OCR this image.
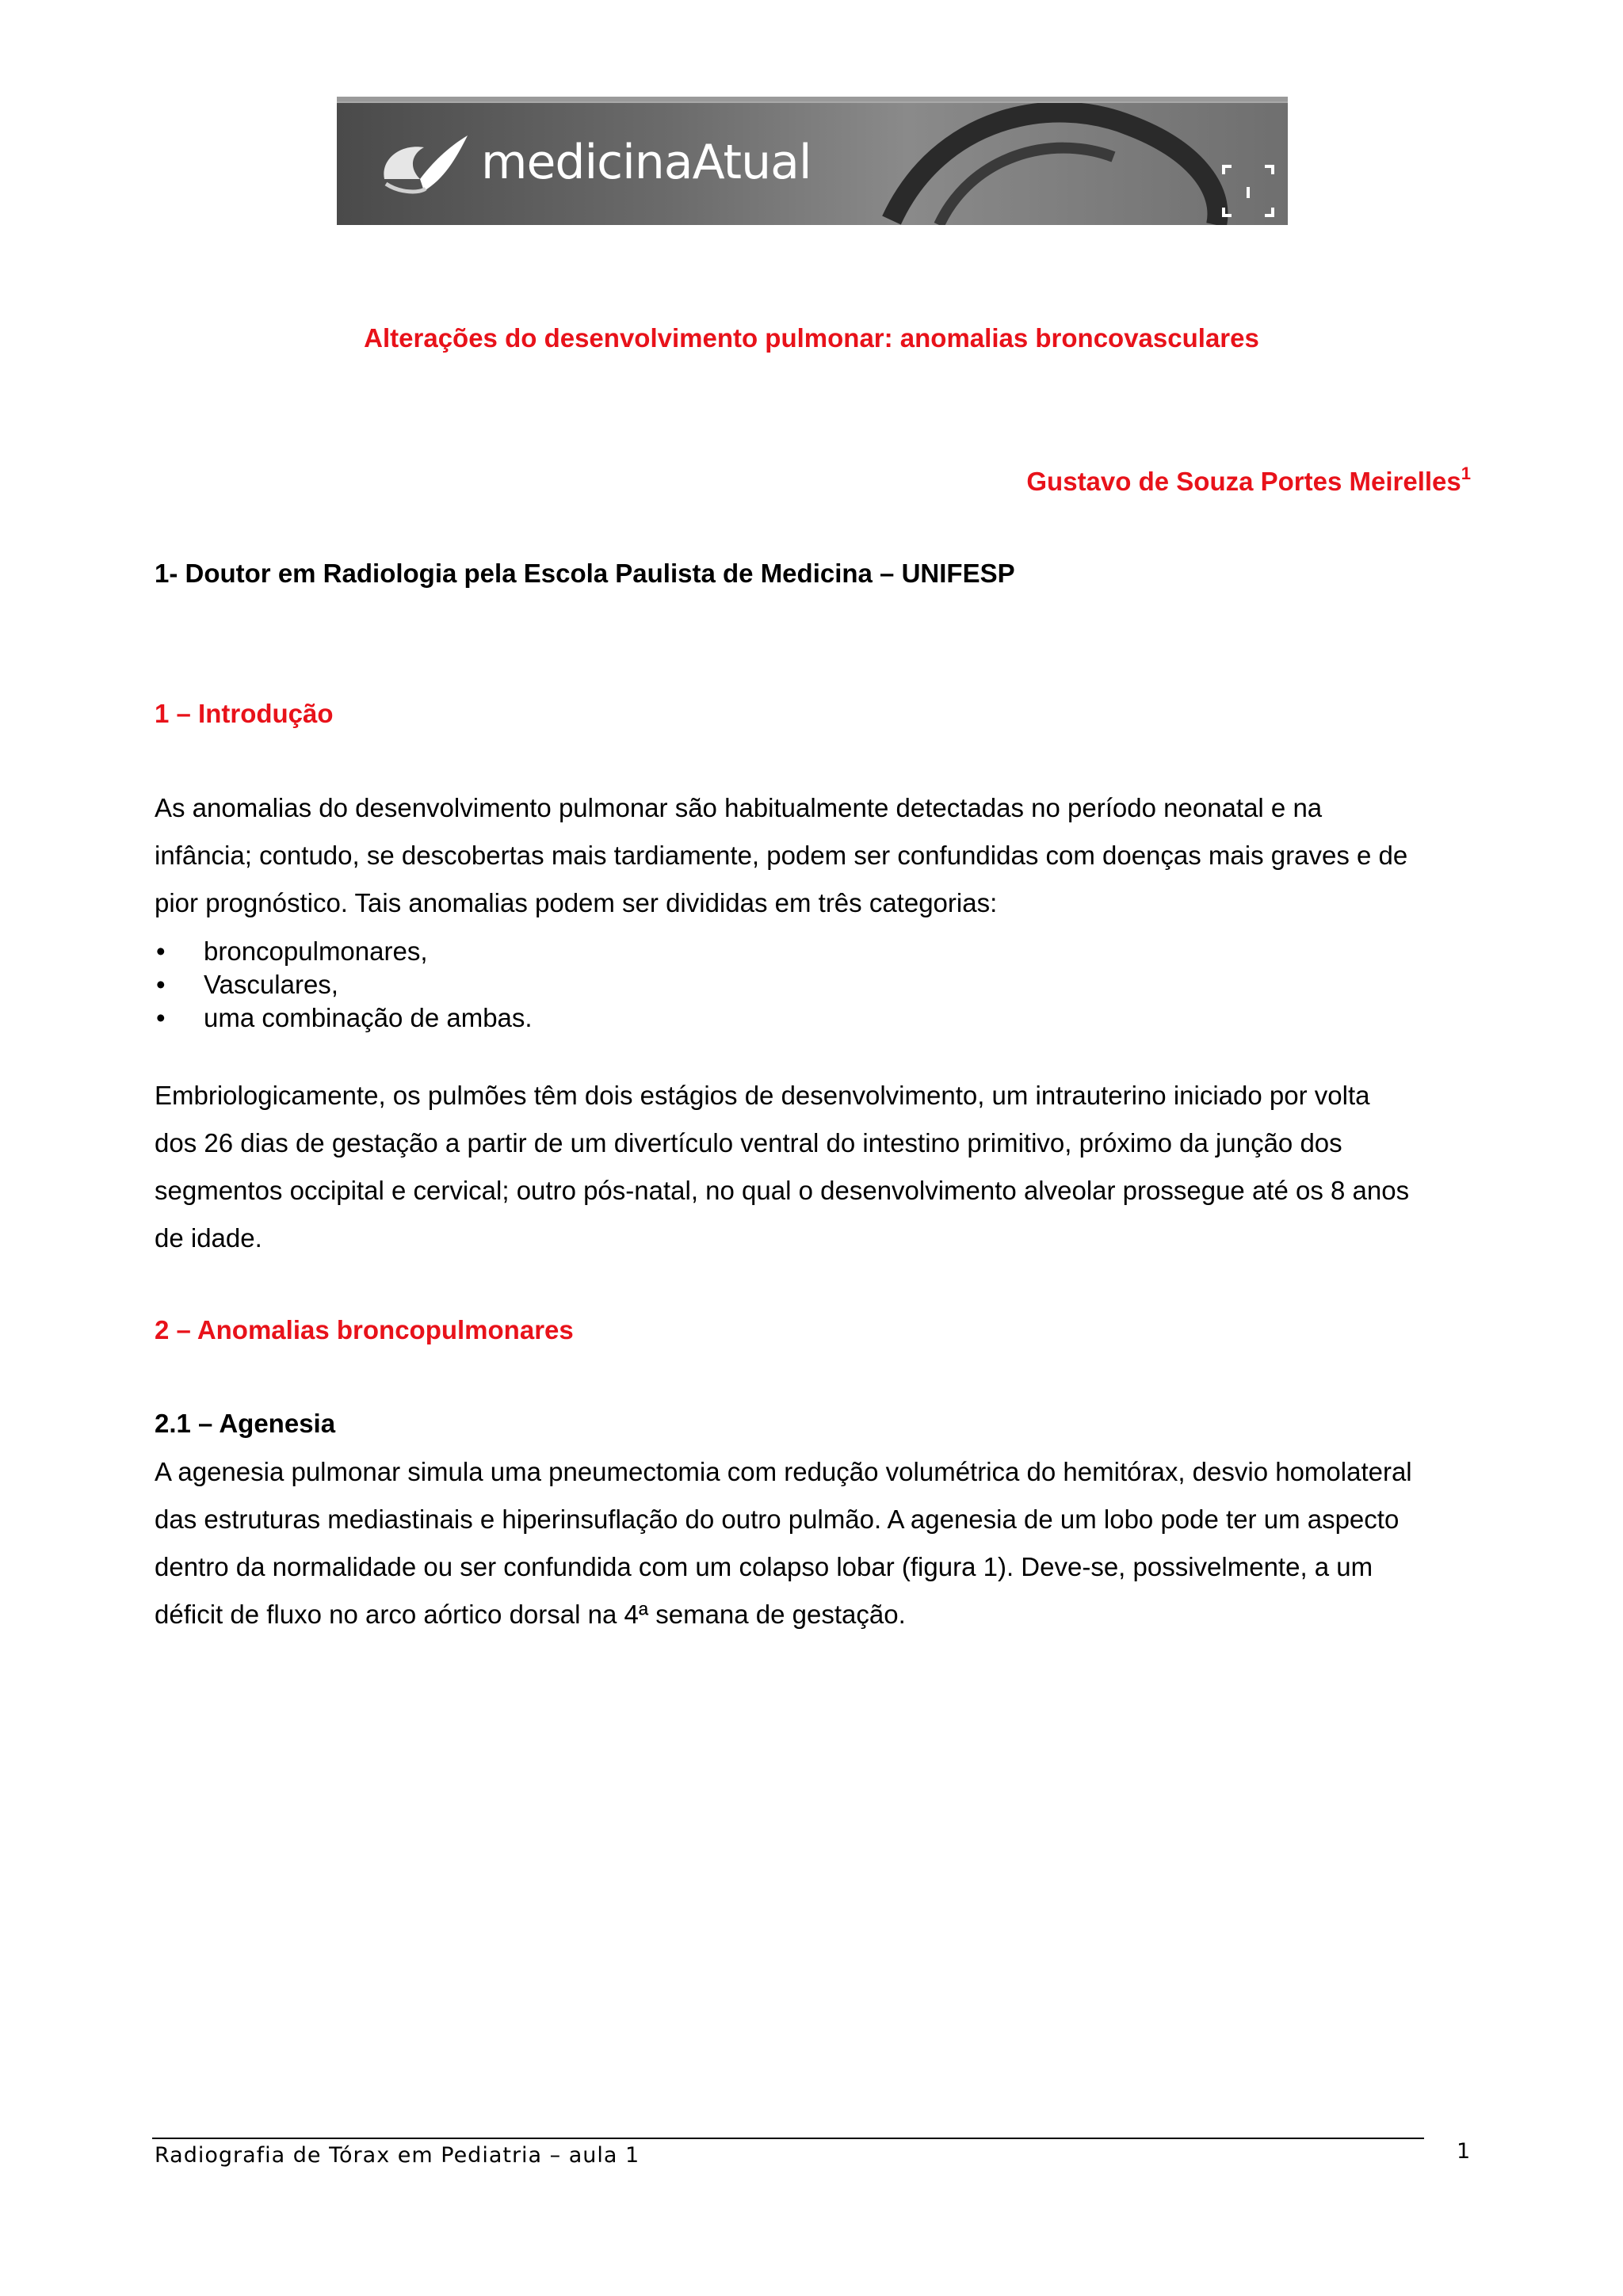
medicinaAtual
Alterações do desenvolvimento pulmonar: anomalias broncovasculares
Gustavo de Souza Portes Meirelles$^1$
1- Doutor em Radiologia pela Escola Paulista de Medicina – UNIFESP
1 – Introdução
As anomalias do desenvolvimento pulmonar são habitualmente detectadas no período neonatal e na
infância; contudo, se descobertas mais tardiamente, podem ser confundidas com doenças mais graves e de
pior prognóstico. Tais anomalias podem ser divididas em três categorias:
• broncopulmonares,
• Vasculares,
• uma combinação de ambas.
Embriologicamente, os pulmões têm dois estágios de desenvolvimento, um intrauterino iniciado por volta
dos 26 dias de gestação a partir de um divertículo ventral do intestino primitivo, próximo da junção dos
segmentos occipital e cervical; outro pós-natal, no qual o desenvolvimento alveolar prossegue até os 8 anos
de idade.
2 – Anomalias broncopulmonares
2.1 – Agenesia
A agenesia pulmonar simula uma pneumectomia com redução volumétrica do hemitórax, desvio homolateral
das estruturas mediastinais e hiperinsuflação do outro pulmão. A agenesia de um lobo pode ter um aspecto
dentro da normalidade ou ser confundida com um colapso lobar (figura 1). Deve-se, possivelmente, a um
déficit de fluxo no arco aórtico dorsal na 4ª semana de gestação.
Radiografia de Tórax em Pediatria – aula 1	1
